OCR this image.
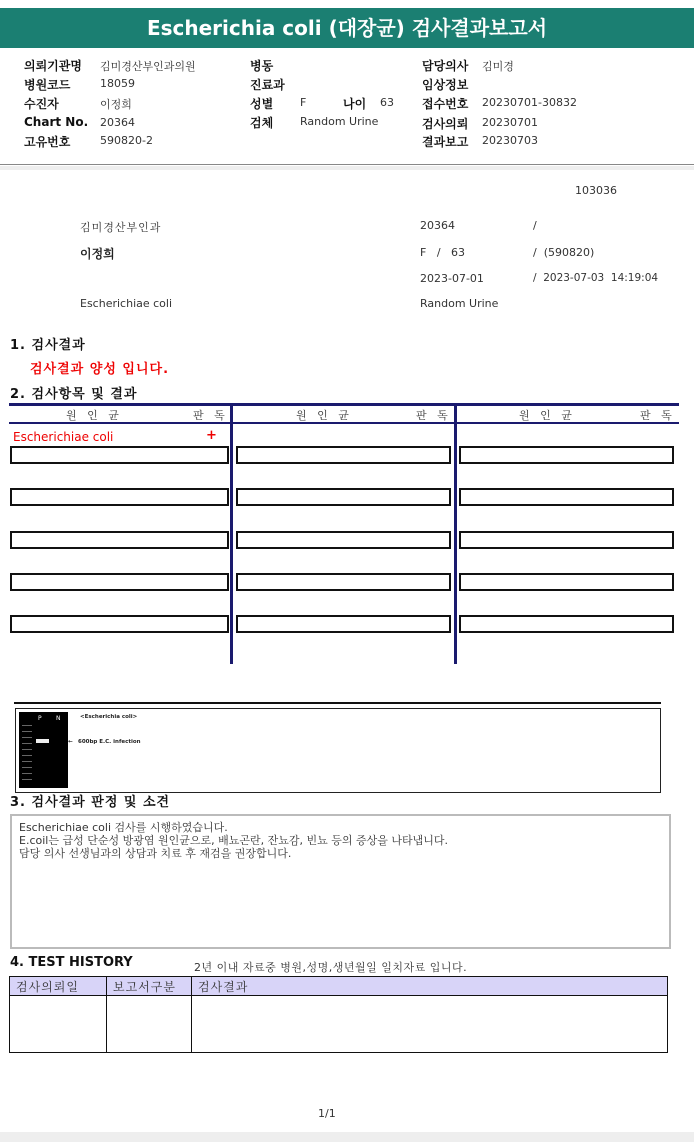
Escherichia coli (대장균) 검사결과보고서
의뢰기관명 김미경산부인과의원
병원코드	18059
수진자	이정희
Chart No. 20364
고유번호	590820-2
병동
진료과
성별 F	나이 63
검체 Random Urine
담당의사 김미경
임상정보
접수번호 20230701-30832
검사의뢰 20230701
결과보고 20230703
103036
김미경산부인과	20364	/
이정희	F   /   63	/  (590820)
2023-07-01	/  2023-07-03  14:19:04
Escherichiae coli	Random Urine
1. 검사결과
검사결과 양성 입니다.
2. 검사항목 및 결과
원   인   균	판   독	원   인   균	판   독	원   인   균	판   독
Escherichiae coli	+
P N	<Escherichia coli>
← 600bp E.C. infection
3. 검사결과 판정 및 소견
Escherichiae coli 검사를 시행하였습니다.
E.coil는 급성 단순성 방광염 원인균으로, 배뇨곤란, 잔뇨감, 빈뇨 등의 증상을 나타냅니다.
담당 의사 선생님과의 상담과 치료 후 재검을 권장합니다.
4. TEST HISTORY	2년 이내 자료중 병원,성명,생년월일 일치자료 입니다.
검사의뢰일	보고서구분	검사결과

1/1
